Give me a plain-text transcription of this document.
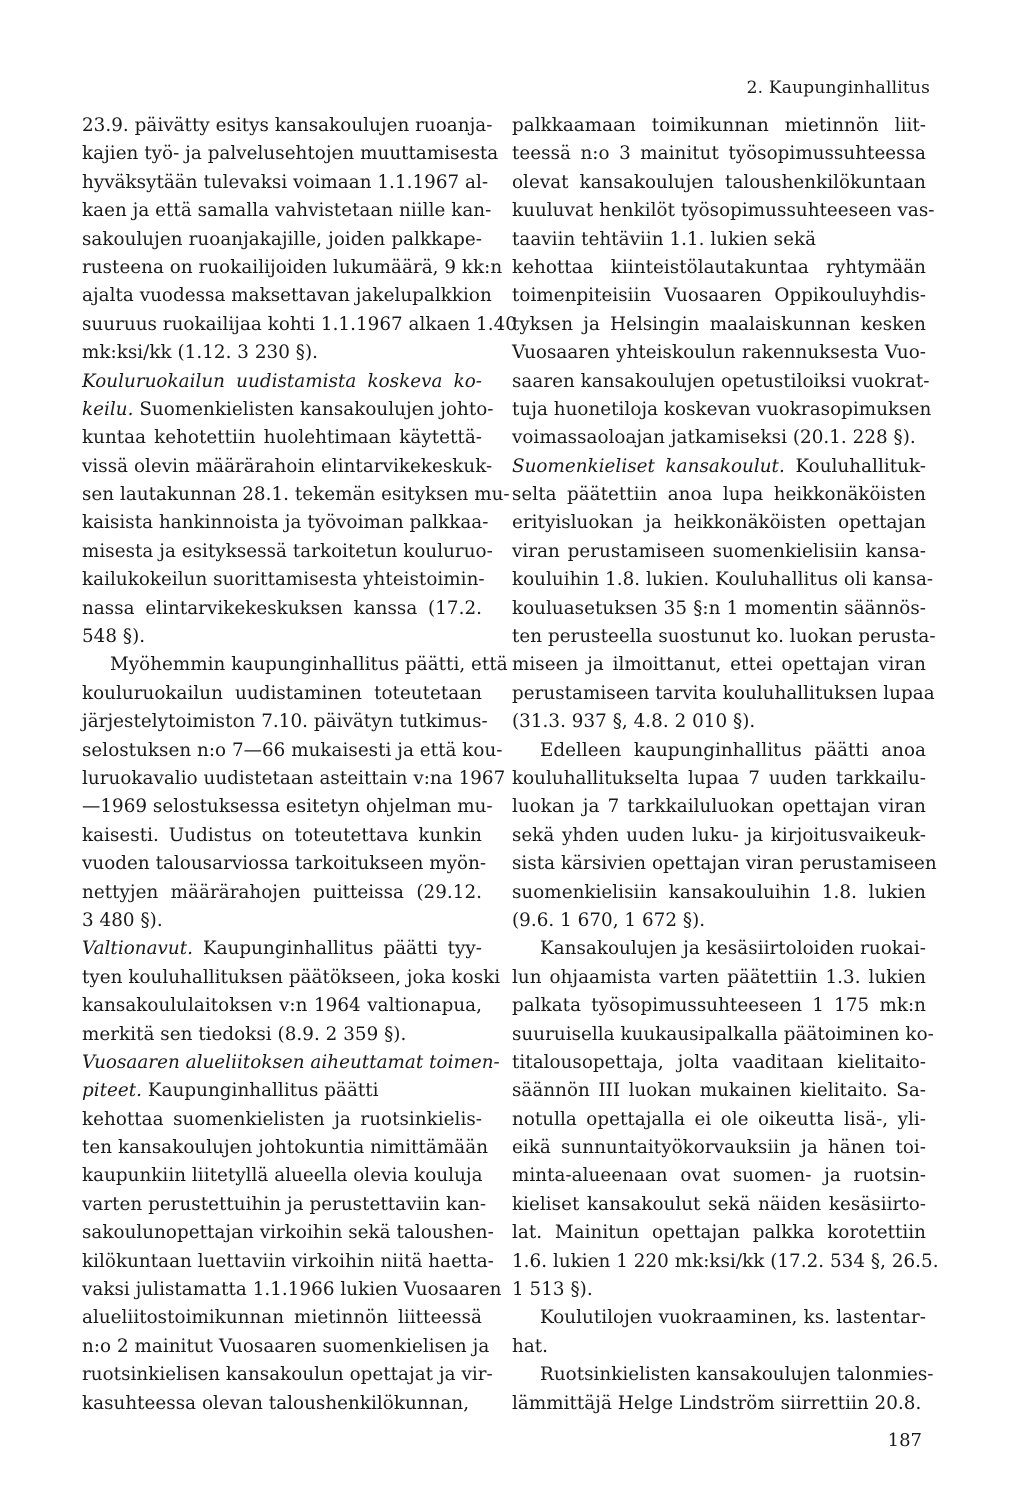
2. Kaupunginhallitus
23.9. päivätty esitys kansakoulujen ruoanja-
kajien työ- ja palvelusehtojen muuttamisesta
hyväksytään tulevaksi voimaan 1.1.1967 al-
kaen ja että samalla vahvistetaan niille kan-
sakoulujen ruoanjakajille, joiden palkkape-
rusteena on ruokailijoiden lukumäärä, 9 kk:n
ajalta vuodessa maksettavan jakelupalkkion
suuruus ruokailijaa kohti 1.1.1967 alkaen 1.40
mk:ksi/kk (1.12. 3 230 §).
Kouluruokailun uudistamista koskeva ko-
keilu. Suomenkielisten kansakoulujen johto-
kuntaa kehotettiin huolehtimaan käytettä-
vissä olevin määrärahoin elintarvikekeskuk-
sen lautakunnan 28.1. tekemän esityksen mu-
kaisista hankinnoista ja työvoiman palkkaa-
misesta ja esityksessä tarkoitetun kouluruo-
kailukokeilun suorittamisesta yhteistoimin-
nassa elintarvikekeskuksen kanssa (17.2.
548 §).
Myöhemmin kaupunginhallitus päätti, että
kouluruokailun uudistaminen toteutetaan
järjestelytoimiston 7.10. päivätyn tutkimus-
selostuksen n:o 7—66 mukaisesti ja että kou-
luruokavalio uudistetaan asteittain v:na 1967
—1969 selostuksessa esitetyn ohjelman mu-
kaisesti. Uudistus on toteutettava kunkin
vuoden talousarviossa tarkoitukseen myön-
nettyjen määrärahojen puitteissa (29.12.
3 480 §).
Valtionavut. Kaupunginhallitus päätti tyy-
tyen kouluhallituksen päätökseen, joka koski
kansakoululaitoksen v:n 1964 valtionapua,
merkitä sen tiedoksi (8.9. 2 359 §).
Vuosaaren alueliitoksen aiheuttamat toimen-
piteet. Kaupunginhallitus päätti
kehottaa suomenkielisten ja ruotsinkielis-
ten kansakoulujen johtokuntia nimittämään
kaupunkiin liitetyllä alueella olevia kouluja
varten perustettuihin ja perustettaviin kan-
sakoulunopettajan virkoihin sekä taloushen-
kilökuntaan luettaviin virkoihin niitä haetta-
vaksi julistamatta 1.1.1966 lukien Vuosaaren
alueliitostoimikunnan mietinnön liitteessä
n:o 2 mainitut Vuosaaren suomenkielisen ja
ruotsinkielisen kansakoulun opettajat ja vir-
kasuhteessa olevan taloushenkilökunnan,
palkkaamaan toimikunnan mietinnön liit-
teessä n:o 3 mainitut työsopimussuhteessa
olevat kansakoulujen taloushenkilökuntaan
kuuluvat henkilöt työsopimussuhteeseen vas-
taaviin tehtäviin 1.1. lukien sekä
kehottaa kiinteistölautakuntaa ryhtymään
toimenpiteisiin Vuosaaren Oppikouluyhdis-
tyksen ja Helsingin maalaiskunnan kesken
Vuosaaren yhteiskoulun rakennuksesta Vuo-
saaren kansakoulujen opetustiloiksi vuokrat-
tuja huonetiloja koskevan vuokrasopimuksen
voimassaoloajan jatkamiseksi (20.1. 228 §).
Suomenkieliset kansakoulut. Kouluhallituk-
selta päätettiin anoa lupa heikkonäköisten
erityisluokan ja heikkonäköisten opettajan
viran perustamiseen suomenkielisiin kansa-
kouluihin 1.8. lukien. Kouluhallitus oli kansa-
kouluasetuksen 35 §:n 1 momentin säännös-
ten perusteella suostunut ko. luokan perusta-
miseen ja ilmoittanut, ettei opettajan viran
perustamiseen tarvita kouluhallituksen lupaa
(31.3. 937 §, 4.8. 2 010 §).
Edelleen kaupunginhallitus päätti anoa
kouluhallitukselta lupaa 7 uuden tarkkailu-
luokan ja 7 tarkkailuluokan opettajan viran
sekä yhden uuden luku- ja kirjoitusvaikeuk-
sista kärsivien opettajan viran perustamiseen
suomenkielisiin kansakouluihin 1.8. lukien
(9.6. 1 670, 1 672 §).
Kansakoulujen ja kesäsiirtoloiden ruokai-
lun ohjaamista varten päätettiin 1.3. lukien
palkata työsopimussuhteeseen 1 175 mk:n
suuruisella kuukausipalkalla päätoiminen ko-
titalousopettaja, jolta vaaditaan kielitaito-
säännön III luokan mukainen kielitaito. Sa-
notulla opettajalla ei ole oikeutta lisä-, yli-
eikä sunnuntaityökorvauksiin ja hänen toi-
minta-alueenaan ovat suomen- ja ruotsin-
kieliset kansakoulut sekä näiden kesäsiirto-
lat. Mainitun opettajan palkka korotettiin
1.6. lukien 1 220 mk:ksi/kk (17.2. 534 §, 26.5.
1 513 §).
Koulutilojen vuokraaminen, ks. lastentar-
hat.
Ruotsinkielisten kansakoulujen talonmies-
lämmittäjä Helge Lindström siirrettiin 20.8.
187
